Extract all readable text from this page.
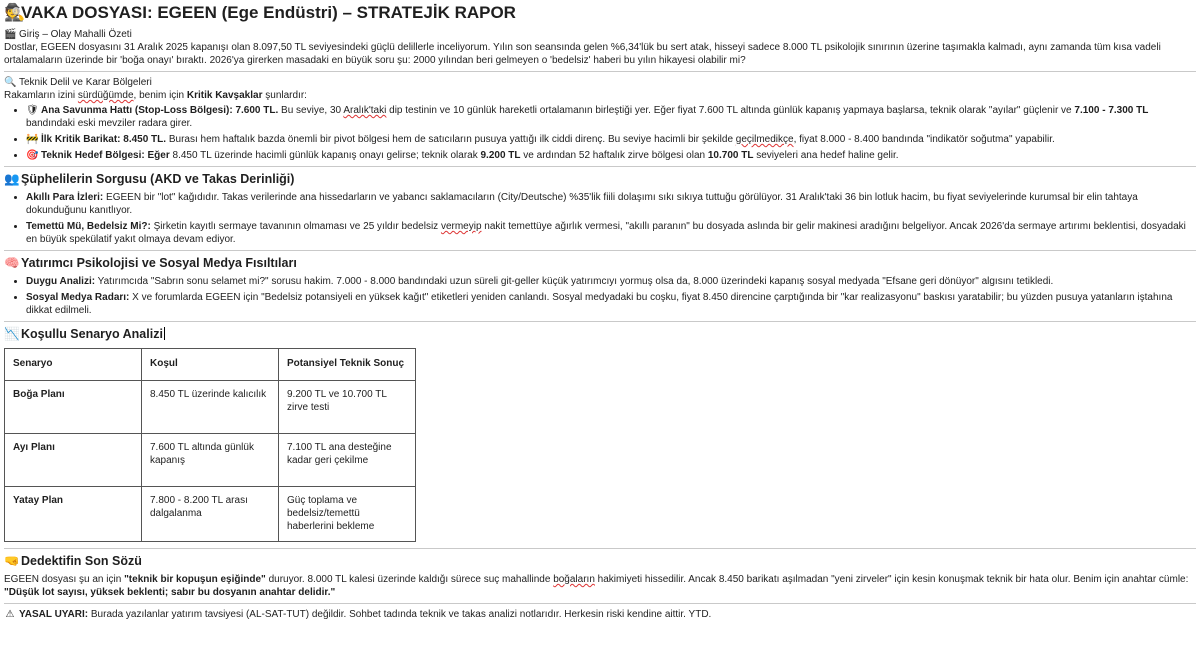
🕵VAKA DOSYASI: EGEEN (Ege Endüstri) – STRATEJİK RAPOR
🎬 Giriş – Olay Mahalli Özeti

Dostlar, EGEEN dosyasını 31 Aralık 2025 kapanışı olan 8.097,50 TL seviyesindeki güçlü delillerle inceliyorum. Yılın son seansında gelen %6,34'lük bu sert atak, hisseyi sadece 8.000 TL psikolojik sınırının üzerine taşımakla kalmadı, aynı zamanda tüm kısa vadeli ortalamaların üzerinde bir 'boğa onayı' bıraktı. 2026'ya girerken masadaki en büyük soru şu: 2000 yılından beri gelmeyen o 'bedelsiz' haberi bu yılın hikayesi olabilir mi?

🔍 Teknik Delil ve Karar Bölgeleri

Rakamların izini sürdüğümde, benim için Kritik Kavşaklar şunlardır:

• 🛡 Ana Savunma Hattı (Stop-Loss Bölgesi): 7.600 TL. Bu seviye, 30 Aralık'taki dip testinin ve 10 günlük hareketli ortalamanın birleştiği yer. Eğer fiyat 7.600 TL altında günlük kapanış yapmaya başlarsa, teknik olarak "ayılar" güçlenir ve 7.100 - 7.300 TL bandındaki eski mevziler radara girer.
• 🚧 İlk Kritik Barikat: 8.450 TL. Burası hem haftalık bazda önemli bir pivot bölgesi hem de satıcıların pusuya yattığı ilk ciddi direnç. Bu seviye hacimli bir şekilde geçilmedikçe, fiyat 8.000 - 8.400 bandında "indikatör soğutma" yapabilir.
• 🎯 Teknik Hedef Bölgesi: Eğer 8.450 TL üzerinde hacimli günlük kapanış onayı gelirse; teknik olarak 9.200 TL ve ardından 52 haftalık zirve bölgesi olan 10.700 TL seviyeleri ana hedef haline gelir.
👥Şüphelilerin Sorgusu (AKD ve Takas Derinliği)
• Akıllı Para İzleri: EGEEN bir "lot" kağıdıdır. Takas verilerinde ana hissedarların ve yabancı saklamacıların (City/Deutsche) %35'lik fiili dolaşımı sıkı sıkıya tuttuğu görülüyor. 31 Aralık'taki 36 bin lotluk hacim, bu fiyat seviyelerinde kurumsal bir elin tahtaya dokunduğunu kanıtlıyor.
• Temettü Mü, Bedelsiz Mi?: Şirketin kayıtlı sermaye tavanının olmaması ve 25 yıldır bedelsiz vermeyip nakit temettüye ağırlık vermesi, "akıllı paranın" bu dosyada aslında bir gelir makinesi aradığını belgeliyor. Ancak 2026'da sermaye artırımı beklentisi, dosyadaki en büyük spekülatif yakıt olmaya devam ediyor.
🧠Yatırımcı Psikolojisi ve Sosyal Medya Fısıltıları
• Duygu Analizi: Yatırımcıda "Sabrın sonu selamet mi?" sorusu hakim. 7.000 - 8.000 bandındaki uzun süreli git-geller küçük yatırımcıyı yormuş olsa da, 8.000 üzerindeki kapanış sosyal medyada "Efsane geri dönüyor" algısını tetikledi.
• Sosyal Medya Radarı: X ve forumlarda EGEEN için "Bedelsiz potansiyeli en yüksek kağıt" etiketleri yeniden canlandı. Sosyal medyadaki bu coşku, fiyat 8.450 direncine çarptığında bir "kar realizasyonu" baskısı yaratabilir; bu yüzden pusuya yatanların iştahına dikkat edilmeli.
📉Koşullu Senaryo Analizi
Senaryo	Koşul	Potansiyel Teknik Sonuç
Boğa Planı	8.450 TL üzerinde kalıcılık	9.200 TL ve 10.700 TL zirve testi
Ayı Planı	7.600 TL altında günlük kapanış	7.100 TL ana desteğine kadar geri çekilme
Yatay Plan	7.800 - 8.200 TL arası dalgalanma	Güç toplama ve bedelsiz/temettü haberlerini bekleme
🤜Dedektifin Son Sözü

EGEEN dosyası şu an için "teknik bir kopuşun eşiğinde" duruyor. 8.000 TL kalesi üzerinde kaldığı sürece suç mahallinde boğaların hakimiyeti hissedilir. Ancak 8.450 barikatı aşılmadan "yeni zirveler" için kesin konuşmak teknik bir hata olur. Benim için anahtar cümle: "Düşük lot sayısı, yüksek beklenti; sabır bu dosyanın anahtar delidir."

⚠ YASAL UYARI: Burada yazılanlar yatırım tavsiyesi (AL-SAT-TUT) değildir. Sohbet tadında teknik ve takas analizi notlarıdır. Herkesin riski kendine aittir. YTD.
